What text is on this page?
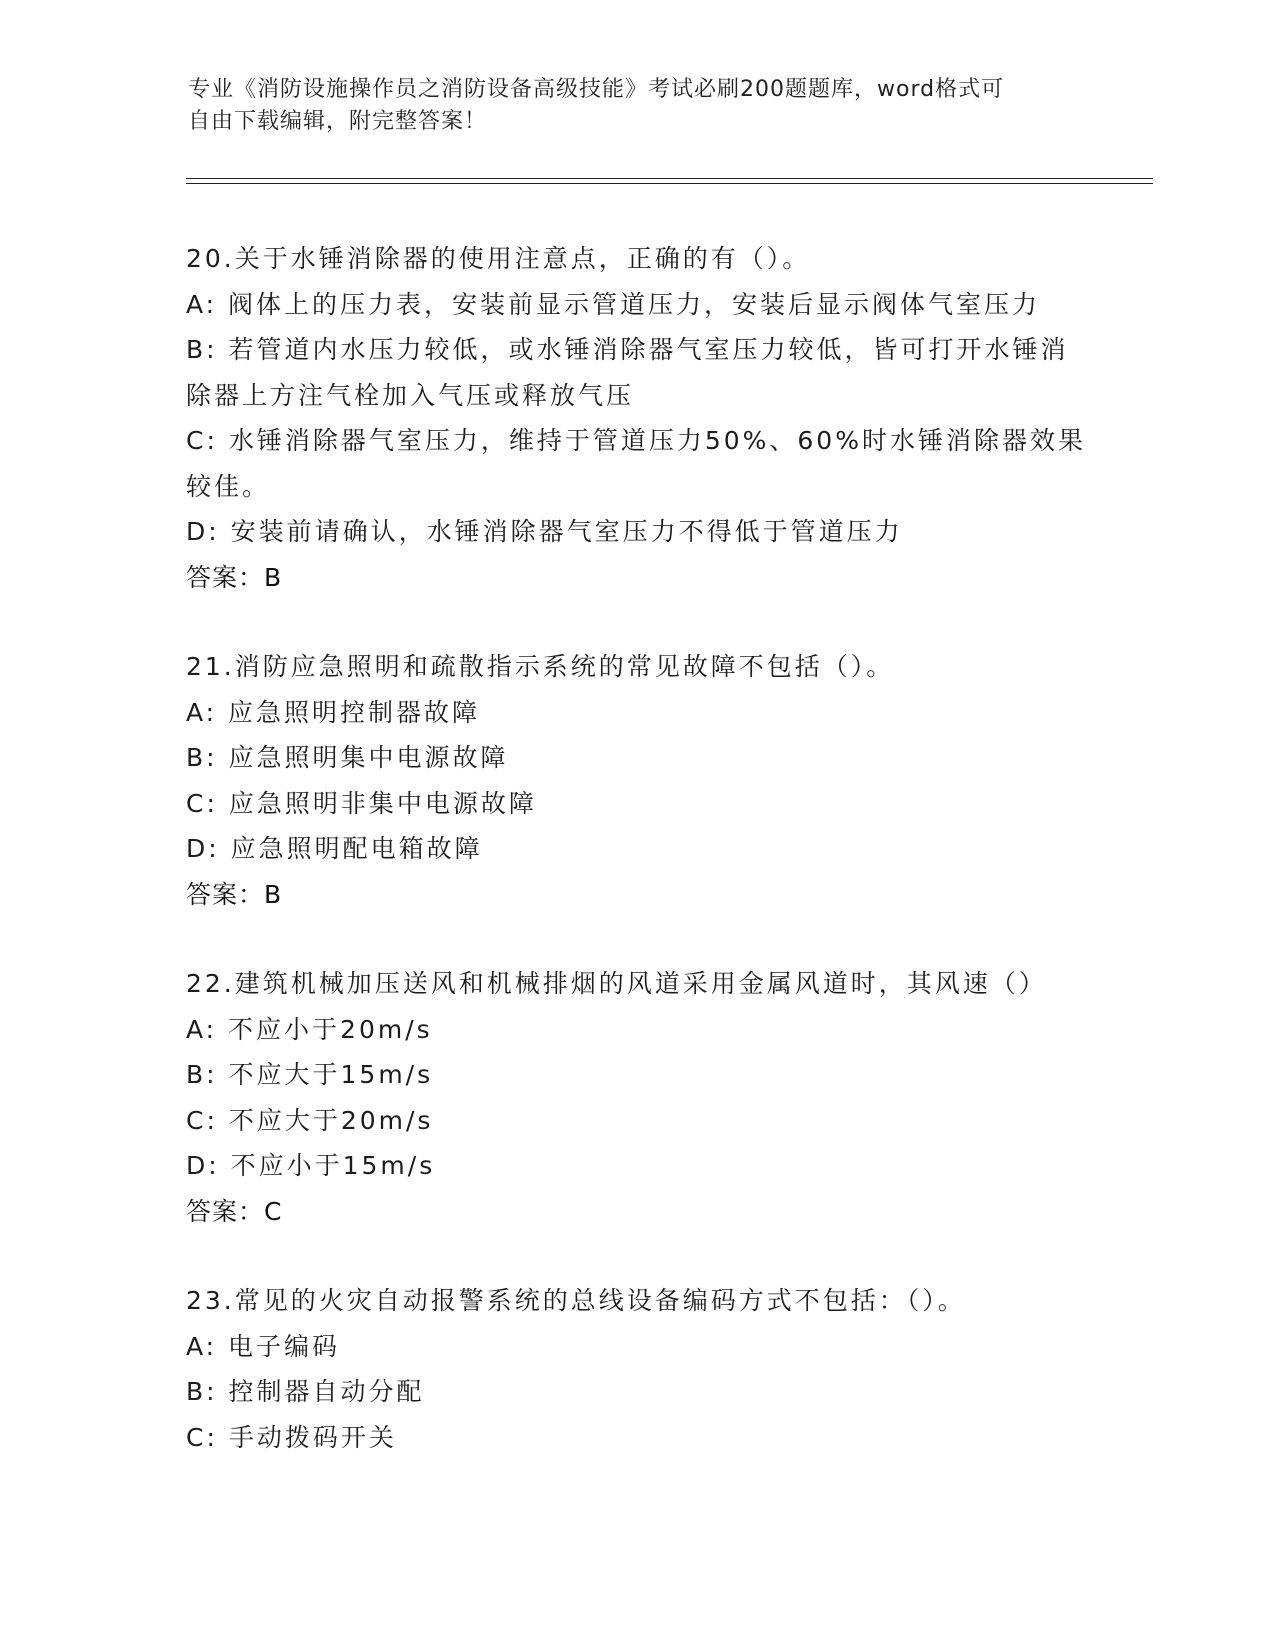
专业《消防设施操作员之消防设备高级技能》考试必刷200题题库，word格式可
自由下载编辑，附完整答案！
20.关于水锤消除器的使用注意点，正确的有（）。
A: 阀体上的压力表，安装前显示管道压力，安装后显示阀体气室压力
B: 若管道内水压力较低，或水锤消除器气室压力较低，皆可打开水锤消除器上方注气栓加入气压或释放气压
C: 水锤消除器气室压力，维持于管道压力50%、60%时水锤消除器效果较佳。
D: 安装前请确认，水锤消除器气室压力不得低于管道压力
答案：B
21.消防应急照明和疏散指示系统的常见故障不包括（）。
A: 应急照明控制器故障
B: 应急照明集中电源故障
C: 应急照明非集中电源故障
D: 应急照明配电箱故障
答案：B
22.建筑机械加压送风和机械排烟的风道采用金属风道时，其风速（）
A: 不应小于20m/s
B: 不应大于15m/s
C: 不应大于20m/s
D: 不应小于15m/s
答案：C
23.常见的火灾自动报警系统的总线设备编码方式不包括：（）。
A: 电子编码
B: 控制器自动分配
C: 手动拨码开关
